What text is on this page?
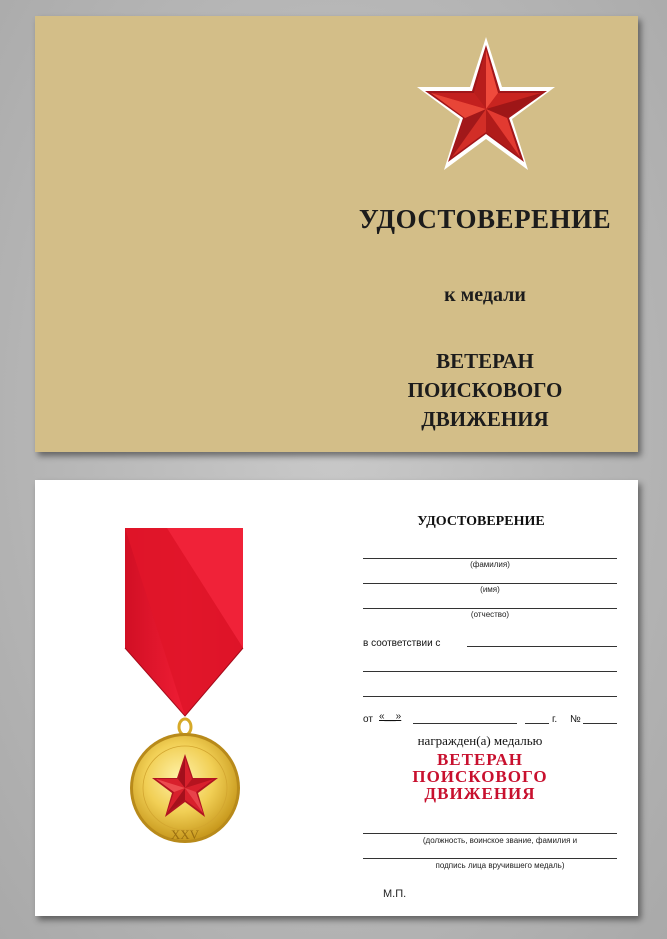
УДОСТОВЕРЕНИЕ
к медали
ВЕТЕРАН
ПОИСКОВОГО
ДВИЖЕНИЯ
XXV
УДОСТОВЕРЕНИЕ
(фамилия)
(имя)
(отчество)
в соответствии с
от «__»	г. №
награжден(а) медалью
ВЕТЕРАН
ПОИСКОВОГО
ДВИЖЕНИЯ
(должность, воинское звание, фамилия и
подпись лица вручившего медаль)
М.П.
